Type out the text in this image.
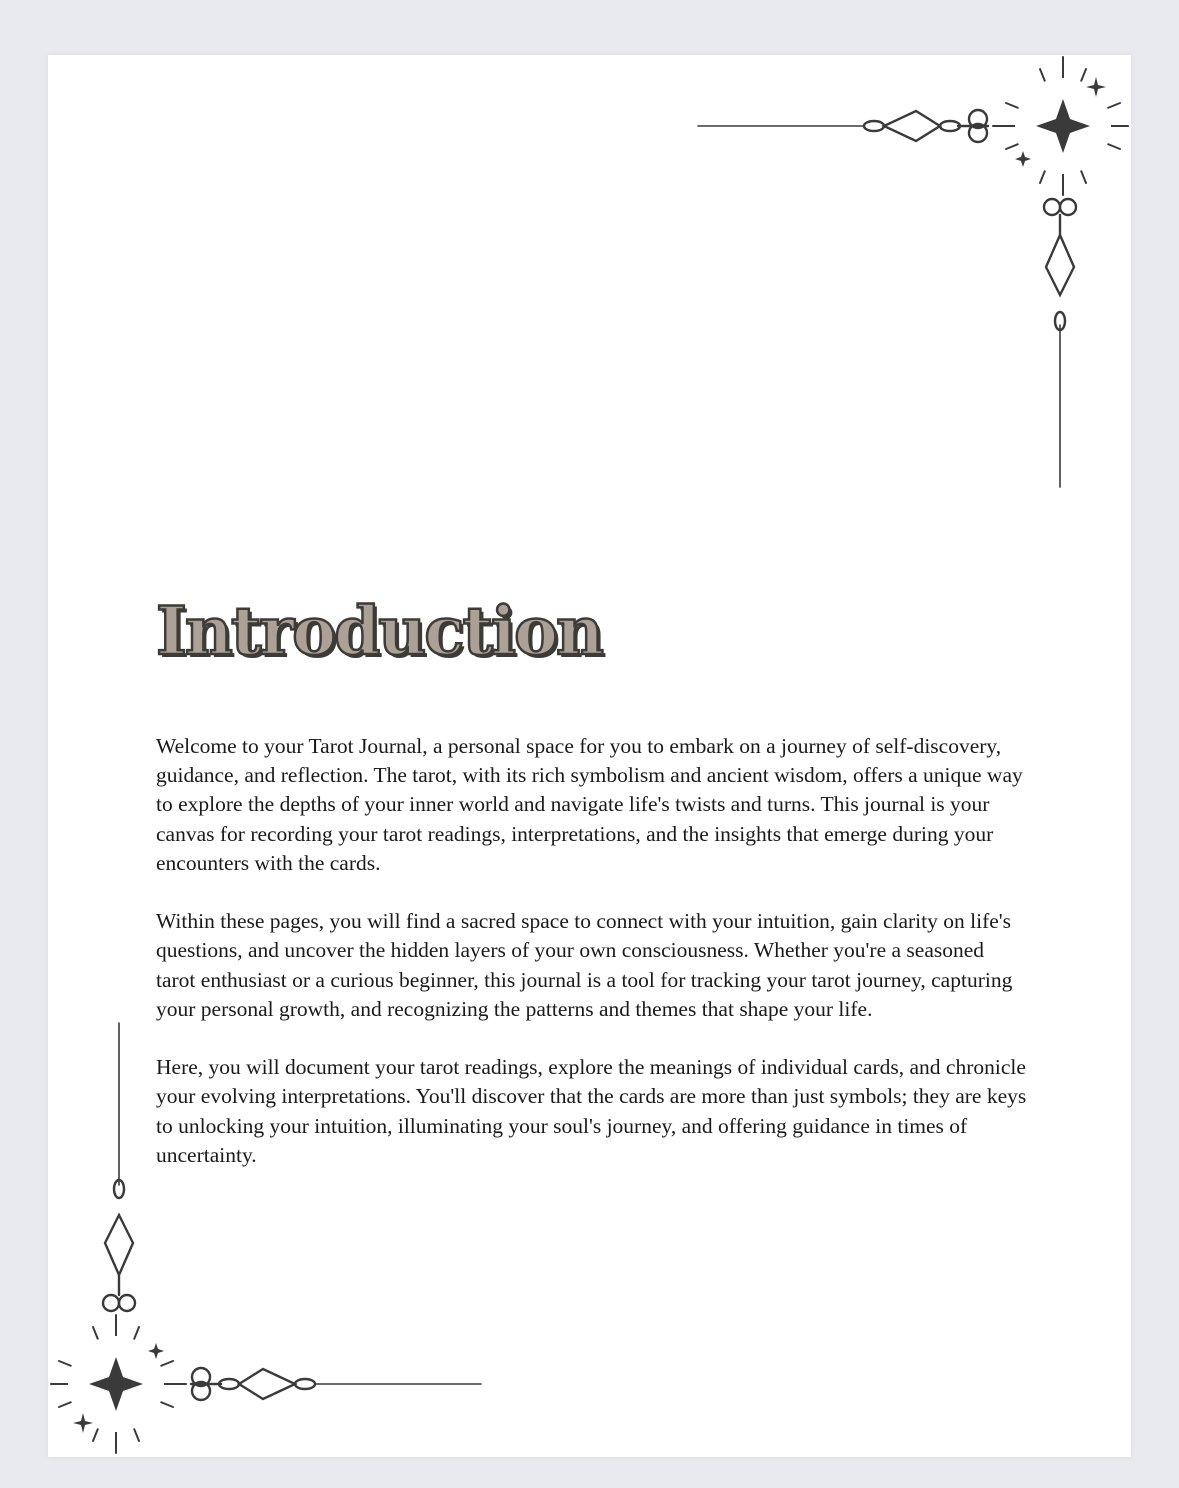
Introduction

Welcome to your Tarot Journal, a personal space for you to embark on a journey of self-discovery, guidance, and reflection. The tarot, with its rich symbolism and ancient wisdom, offers a unique way to explore the depths of your inner world and navigate life's twists and turns. This journal is your canvas for recording your tarot readings, interpretations, and the insights that emerge during your encounters with the cards.

Within these pages, you will find a sacred space to connect with your intuition, gain clarity on life's questions, and uncover the hidden layers of your own consciousness. Whether you're a seasoned tarot enthusiast or a curious beginner, this journal is a tool for tracking your tarot journey, capturing your personal growth, and recognizing the patterns and themes that shape your life.

Here, you will document your tarot readings, explore the meanings of individual cards, and chronicle your evolving interpretations. You'll discover that the cards are more than just symbols; they are keys to unlocking your intuition, illuminating your soul's journey, and offering guidance in times of uncertainty.
